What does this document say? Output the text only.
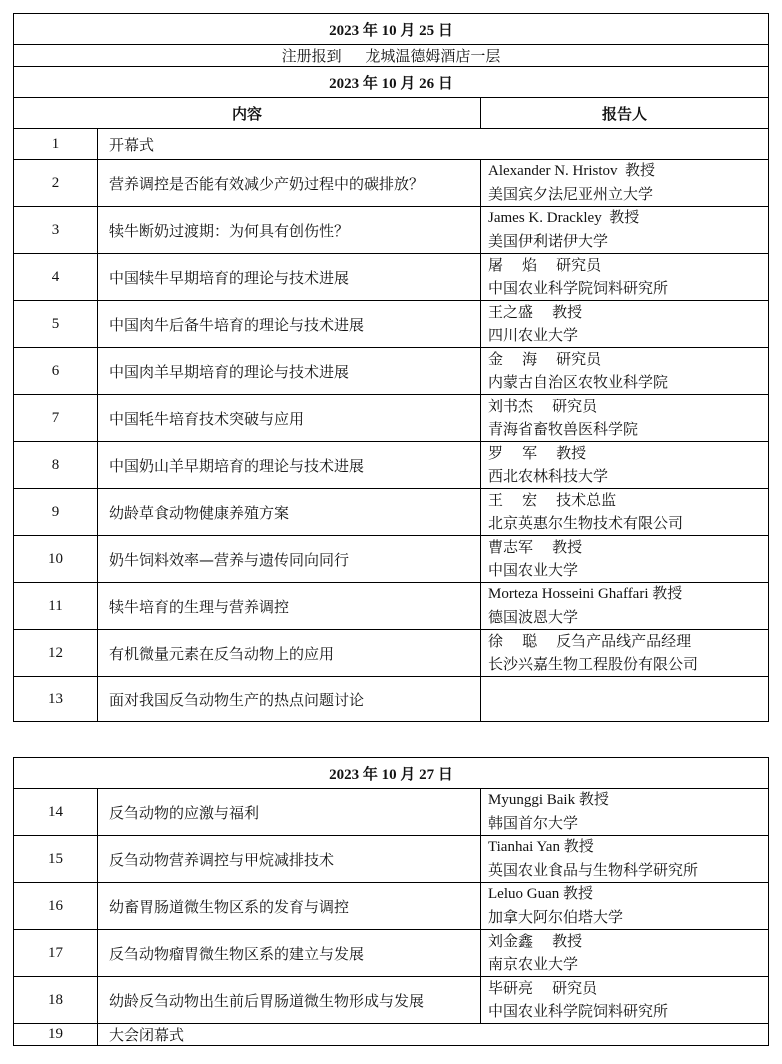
2023 年 10 月 25 日		
注册报到     龙城温德姆酒店一层		
2023 年 10 月 26 日		
内容		报告人
1	开幕式	
2	营养调控是否能有效减少产奶过程中的碳排放？	Alexander N. Hristov  教授
美国宾夕法尼亚州立大学

3	犊牛断奶过渡期：为何具有创伤性？	James K. Drackley  教授
美国伊利诺伊大学

4	中国犊牛早期培育的理论与技术进展	屠    焰    研究员
中国农业科学院饲料研究所

5	中国肉牛后备牛培育的理论与技术进展	王之盛    教授
四川农业大学

6	中国肉羊早期培育的理论与技术进展	金    海    研究员
内蒙古自治区农牧业科学院

7	中国牦牛培育技术突破与应用	刘书杰    研究员
青海省畜牧兽医科学院

8	中国奶山羊早期培育的理论与技术进展	罗    军    教授
西北农林科技大学

9	幼龄草食动物健康养殖方案	王    宏    技术总监
北京英惠尔生物技术有限公司

10	奶牛饲料效率—营养与遗传同向同行	曹志军    教授
中国农业大学

11	犊牛培育的生理与营养调控	Morteza Hosseini Ghaffari 教授
德国波恩大学

12	有机微量元素在反刍动物上的应用	徐    聪    反刍产品线产品经理
长沙兴嘉生物工程股份有限公司

13	面对我国反刍动物生产的热点问题讨论	
2023 年 10 月 27 日		
14	反刍动物的应激与福利	Myunggi Baik 教授
韩国首尔大学

15	反刍动物营养调控与甲烷减排技术	Tianhai Yan 教授
英国农业食品与生物科学研究所

16	幼畜胃肠道微生物区系的发育与调控	Leluo Guan 教授
加拿大阿尔伯塔大学

17	反刍动物瘤胃微生物区系的建立与发展	刘金鑫    教授
南京农业大学

18	幼龄反刍动物出生前后胃肠道微生物形成与发展	毕研亮    研究员
中国农业科学院饲料研究所

19	大会闭幕式	
